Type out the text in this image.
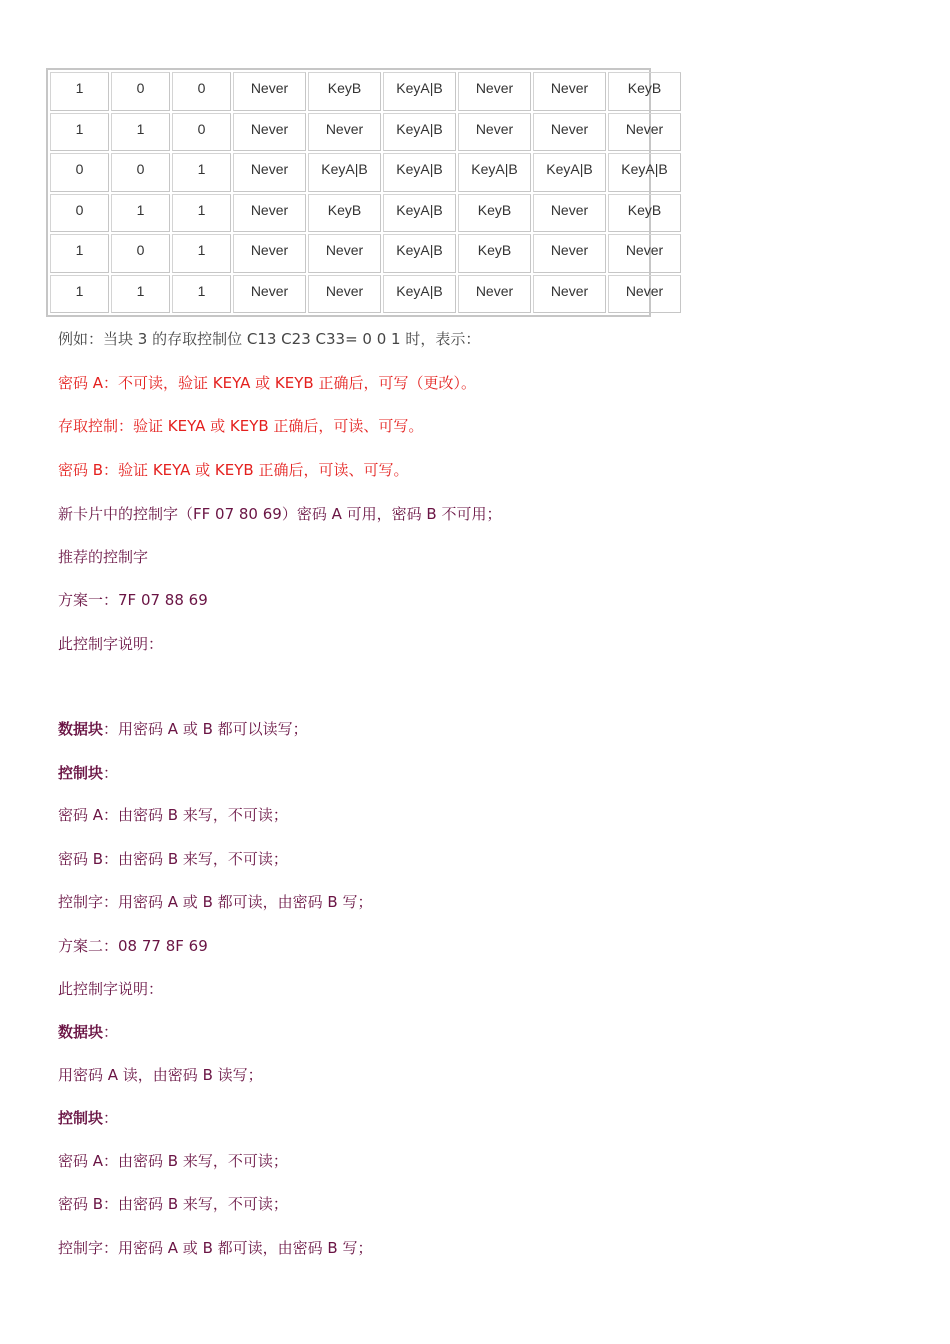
1	0	0	Never	KeyB	KeyA|B	Never	Never	KeyB
1	1	0	Never	Never	KeyA|B	Never	Never	Never
0	0	1	Never	KeyA|B	KeyA|B	KeyA|B	KeyA|B	KeyA|B
0	1	1	Never	KeyB	KeyA|B	KeyB	Never	KeyB
1	0	1	Never	Never	KeyA|B	KeyB	Never	Never
1	1	1	Never	Never	KeyA|B	Never	Never	Never
例如：当块 3 的存取控制位 C13 C23 C33= 0 0 1 时，表示：
密码 A：不可读，验证 KEYA 或 KEYB 正确后，可写（更改）。
存取控制：验证 KEYA 或 KEYB 正确后，可读、可写。
密码 B：验证 KEYA 或 KEYB 正确后，可读、可写。
新卡片中的控制字（FF 07 80 69）密码 A 可用，密码 B 不可用；
推荐的控制字
方案一：7F 07 88 69
此控制字说明：
数据块：用密码 A 或 B 都可以读写；
控制块：
密码 A：由密码 B 来写，不可读；
密码 B：由密码 B 来写，不可读；
控制字：用密码 A 或 B 都可读，由密码 B 写；
方案二：08 77 8F 69
此控制字说明：
数据块：
用密码 A 读，由密码 B 读写；
控制块：
密码 A：由密码 B 来写，不可读；
密码 B：由密码 B 来写，不可读；
控制字：用密码 A 或 B 都可读，由密码 B 写；
